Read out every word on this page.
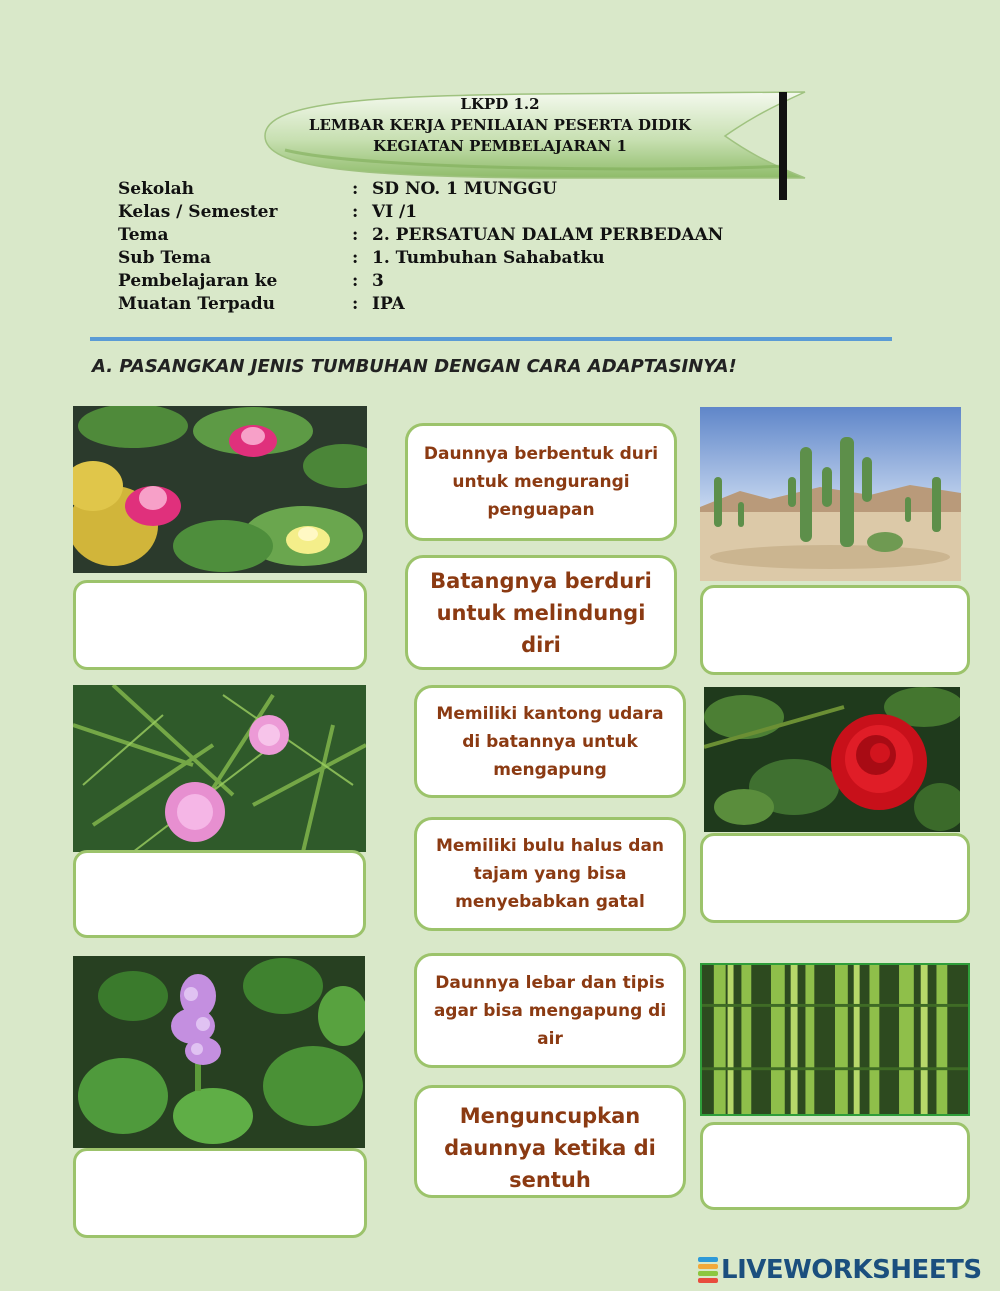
LKPD 1.2
LEMBAR KERJA PENILAIAN PESERTA DIDIK
KEGIATAN PEMBELAJARAN 1
Sekolah	: SD NO. 1 MUNGGU
Kelas / Semester	: VI /1
Tema	: 2. PERSATUAN DALAM PERBEDAAN
Sub Tema	: 1. Tumbuhan Sahabatku
Pembelajaran ke	: 3
Muatan Terpadu	: IPA
A. PASANGKAN JENIS TUMBUHAN DENGAN CARA ADAPTASINYA!
Daunnya berbentuk duri untuk mengurangi penguapan
Batangnya berduri untuk melindungi diri
Memiliki kantong udara di batannya untuk mengapung
Memiliki bulu halus dan tajam yang bisa menyebabkan gatal
Daunnya lebar dan tipis agar bisa mengapung di air
Menguncupkan daunnya ketika di sentuh
LIVEWORKSHEETS
